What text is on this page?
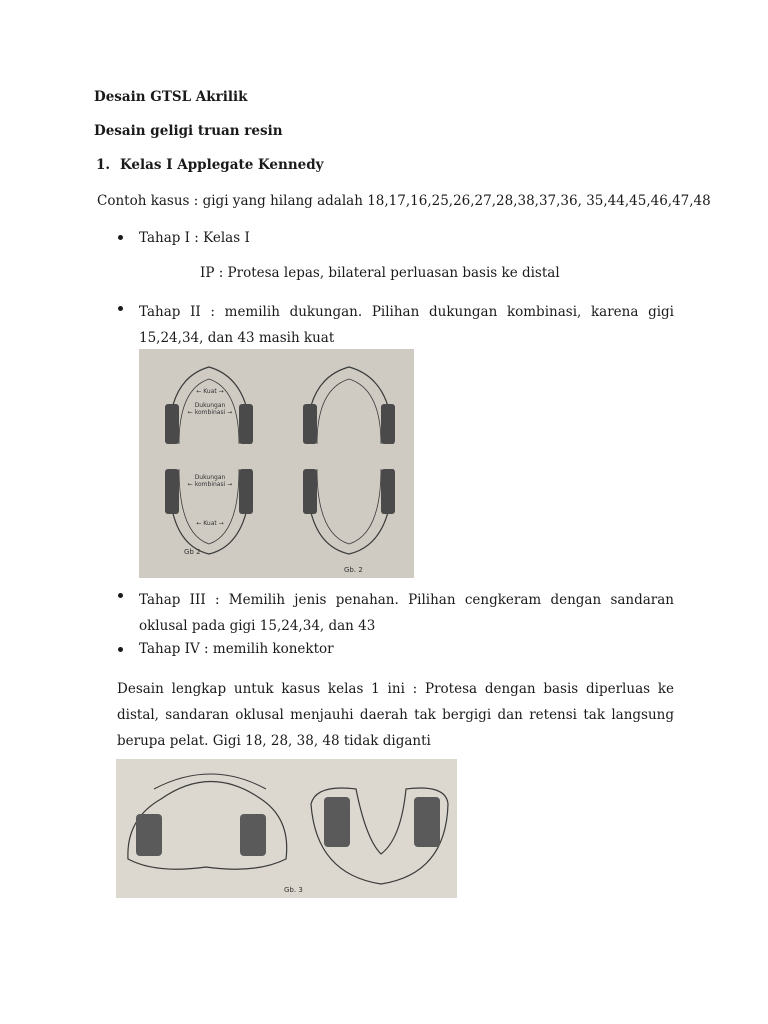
Desain GTSL Akrilik
Desain geligi truan resin
1. Kelas I Applegate Kennedy
Contoh kasus : gigi yang hilang adalah 18,17,16,25,26,27,28,38,37,36, 35,44,45,46,47,48
Tahap I : Kelas I
IP : Protesa lepas, bilateral perluasan basis ke distal
Tahap II : memilih dukungan. Pilihan dukungan kombinasi, karena gigi 15,24,34, dan 43 masih kuat
← Kuat →
Dukungan
← kombinasi →
Dukungan
← kombinasi →
← Kuat →
Gb 2
Gb. 2
Tahap III : Memilih jenis penahan. Pilihan cengkeram dengan sandaran oklusal pada gigi 15,24,34, dan 43
Tahap IV : memilih konektor
Desain lengkap untuk kasus kelas 1 ini : Protesa dengan basis diperluas ke distal, sandaran oklusal menjauhi daerah tak bergigi dan retensi tak langsung berupa pelat. Gigi 18, 28, 38, 48 tidak diganti
Gb. 3
